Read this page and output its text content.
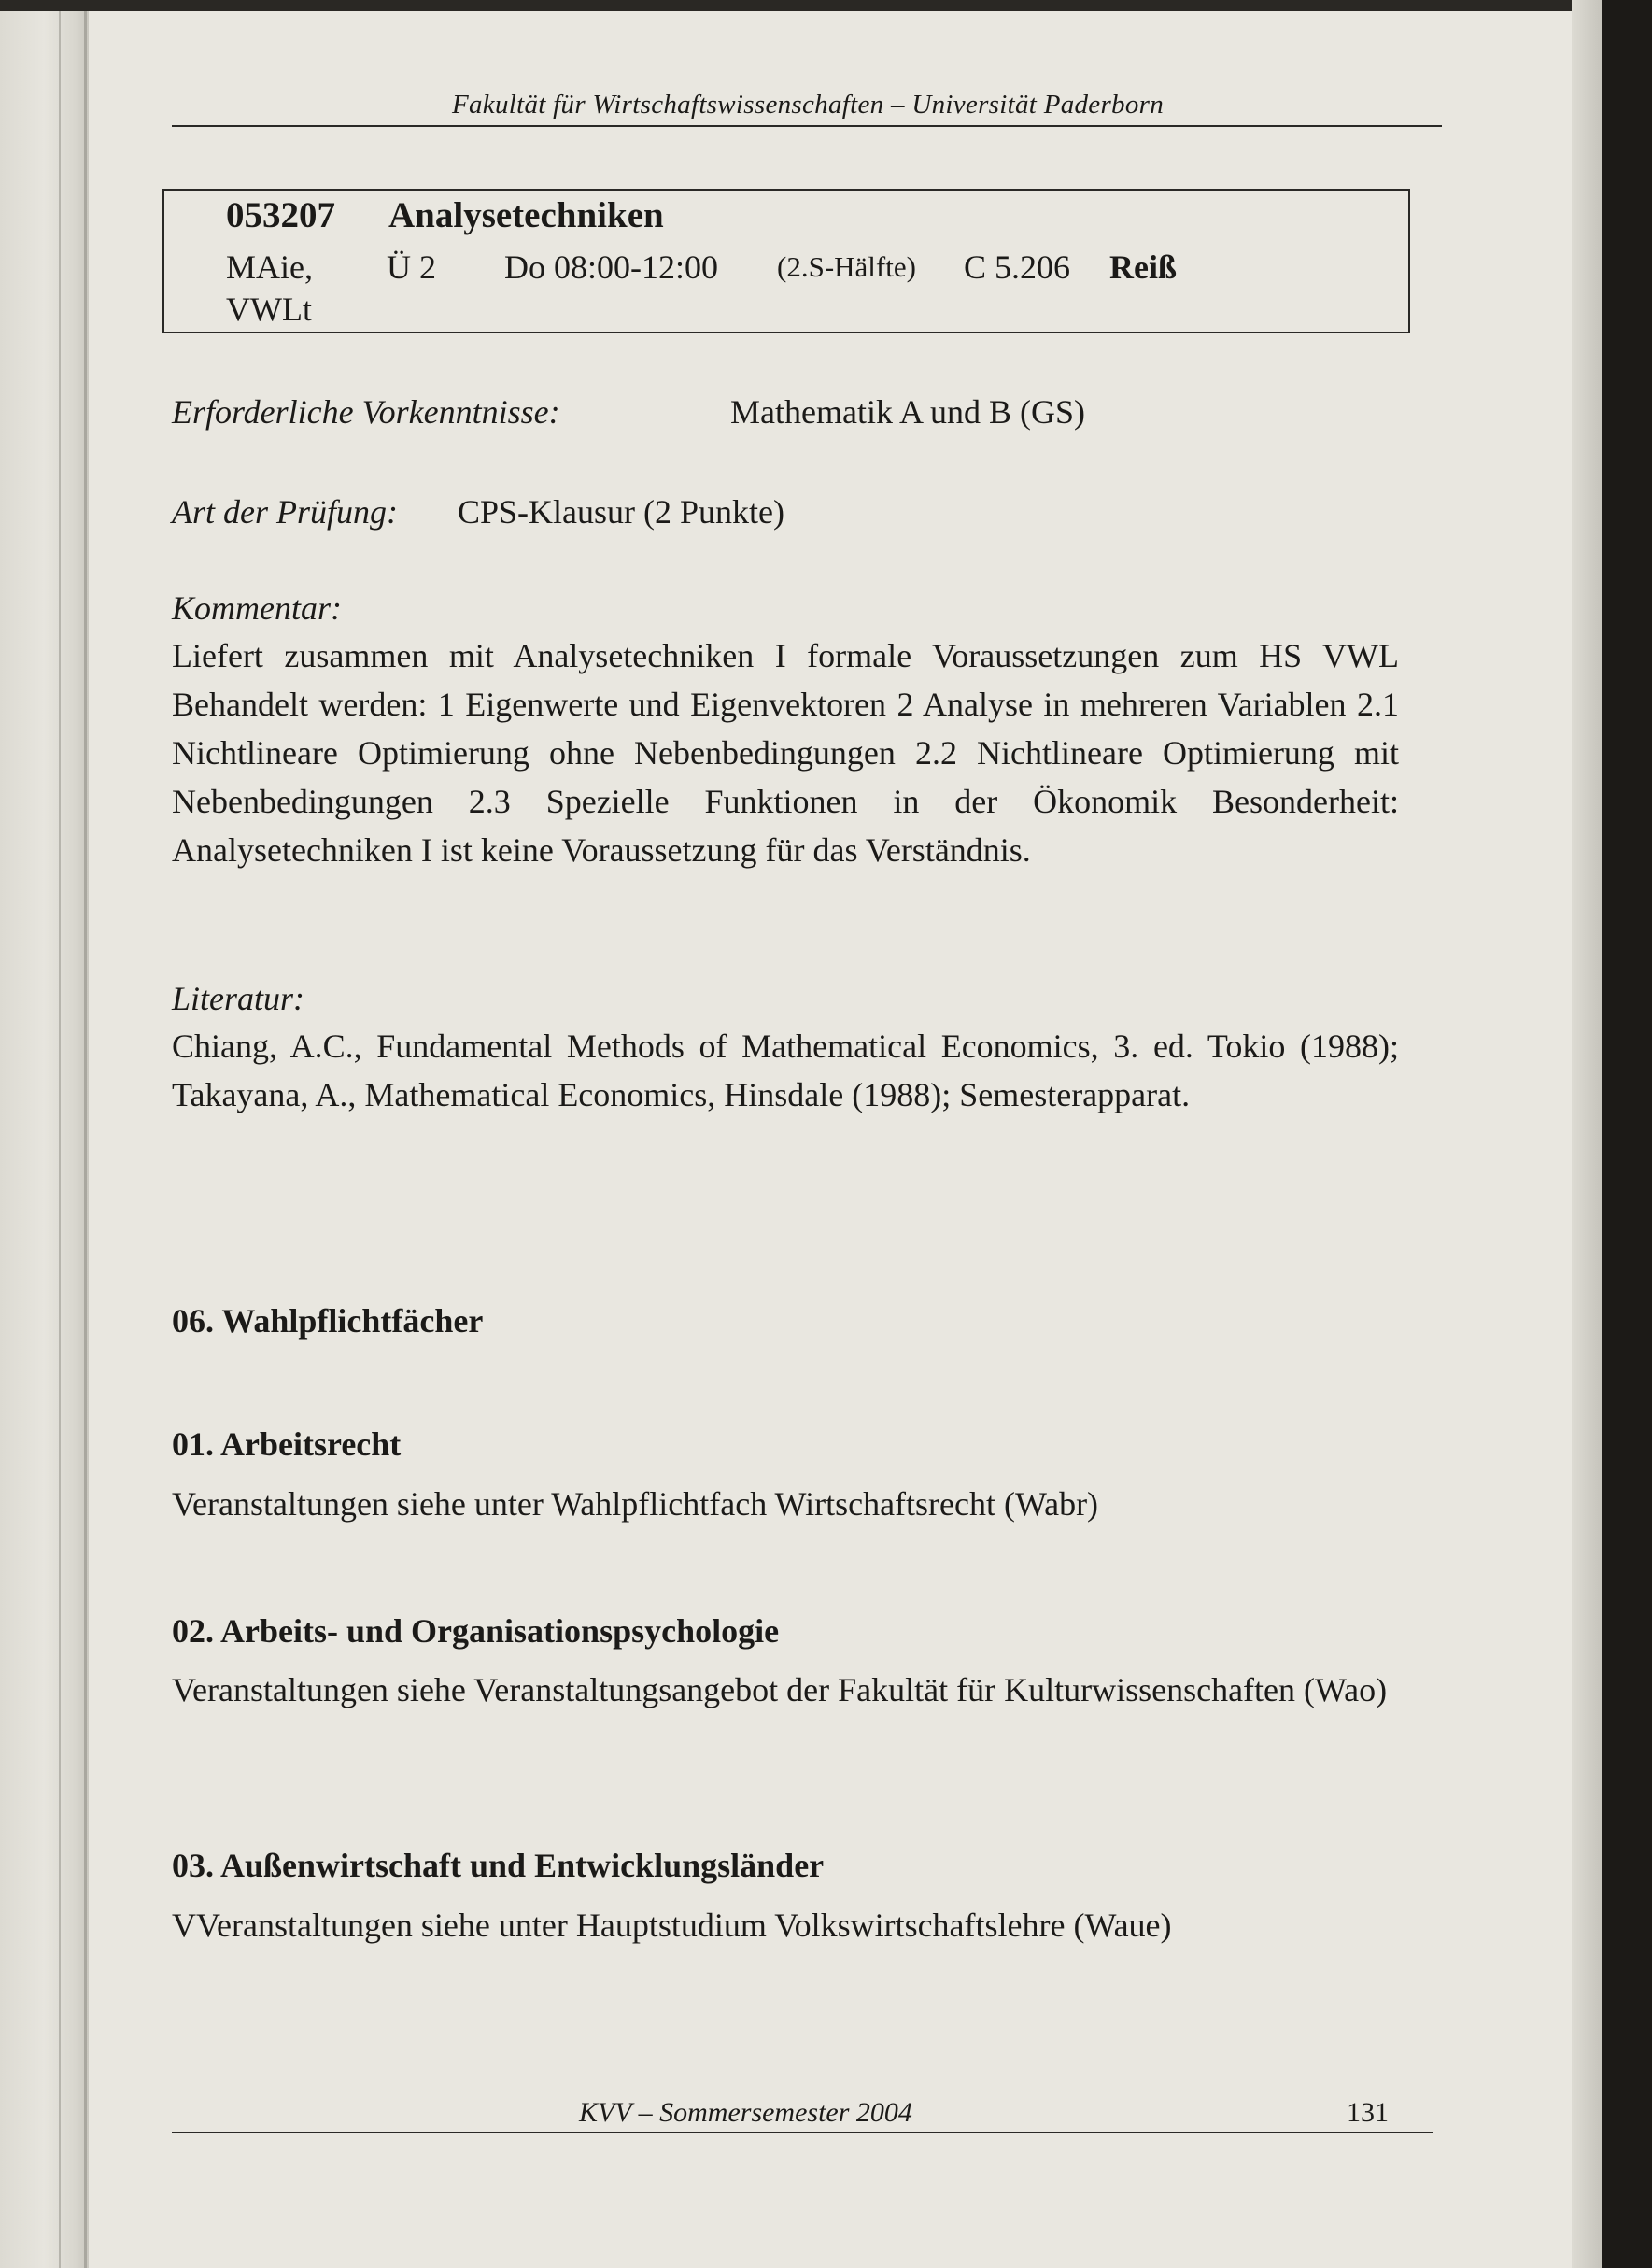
Fakultät für Wirtschaftswissenschaften – Universität Paderborn
053207 Analysetechniken
MAie, Ü 2 Do 08:00-12:00 (2.S-Hälfte) C 5.206 Reiß
VWLt
Erforderliche Vorkenntnisse:	Mathematik A und B (GS)
Art der Prüfung: CPS-Klausur (2 Punkte)
Kommentar:
Liefert zusammen mit Analysetechniken I formale Voraussetzungen zum HS VWL Behandelt werden: 1 Eigenwerte und Eigenvektoren 2 Analyse in mehreren Variablen 2.1 Nichtlineare Optimierung ohne Nebenbedingungen 2.2 Nichtlineare Optimierung mit Nebenbedingungen 2.3 Spezielle Funktionen in der Ökonomik Besonderheit: Analysetechniken I ist keine Voraussetzung für das Verständnis.
Literatur:
Chiang, A.C., Fundamental Methods of Mathematical Economics, 3. ed. Tokio (1988); Takayana, A., Mathematical Economics, Hinsdale (1988); Semesterapparat.
06. Wahlpflichtfächer
01. Arbeitsrecht
Veranstaltungen siehe unter Wahlpflichtfach Wirtschaftsrecht (Wabr)
02. Arbeits- und Organisationspsychologie
Veranstaltungen siehe Veranstaltungsangebot der Fakultät für Kulturwissenschaften (Wao)
03. Außenwirtschaft und Entwicklungsländer
VVeranstaltungen siehe unter Hauptstudium Volkswirtschaftslehre (Waue)
KVV – Sommersemester 2004	131
